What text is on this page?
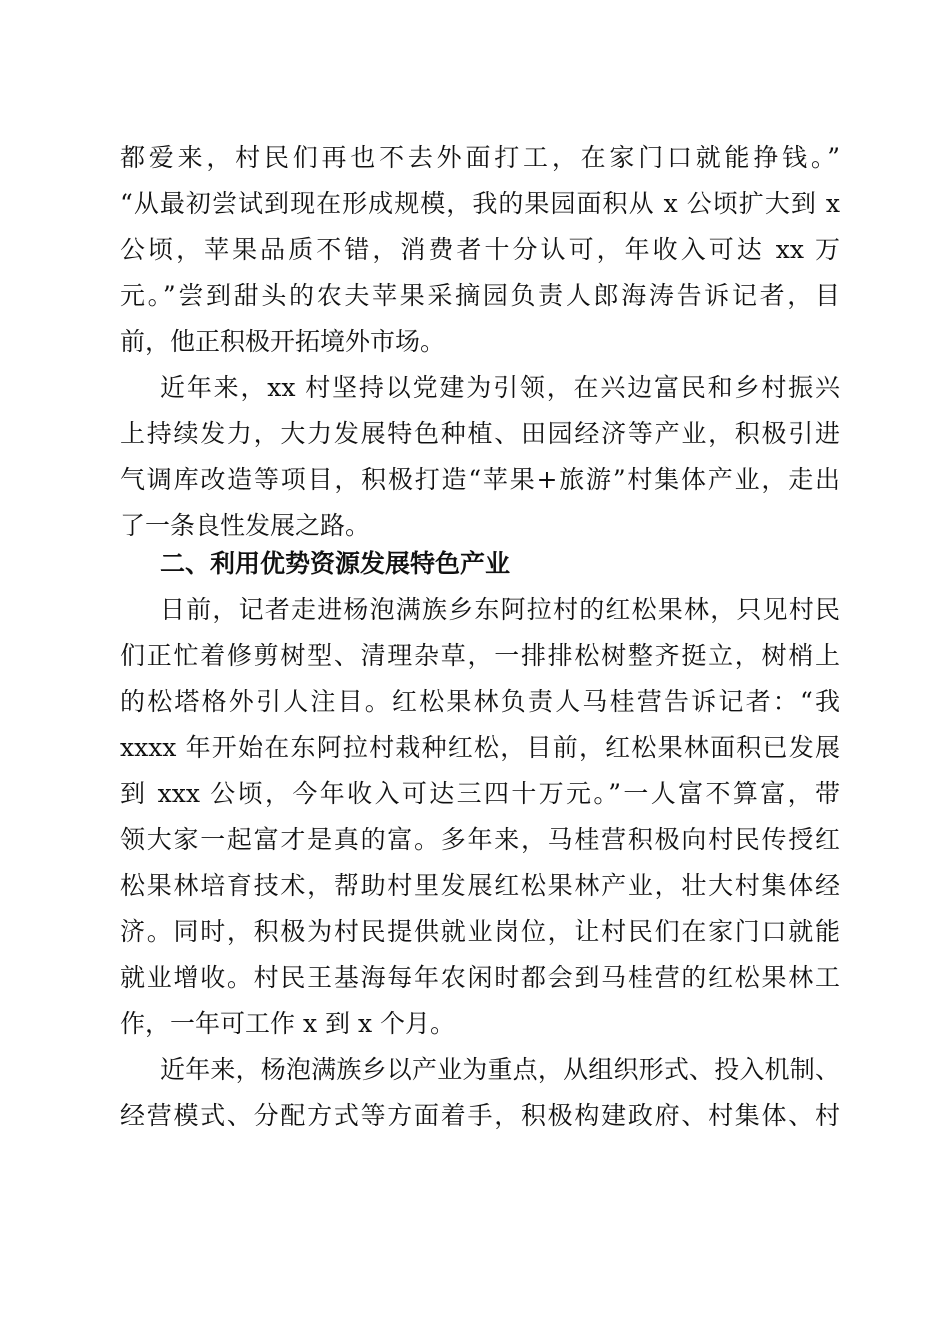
都爱来，村民们再也不去外面打工，在家门口就能挣钱。”
“从最初尝试到现在形成规模，我的果园面积从 x 公顷扩大到 x
公顷，苹果品质不错，消费者十分认可，年收入可达 xx 万
元。”尝到甜头的农夫苹果采摘园负责人郎海涛告诉记者，目
前，他正积极开拓境外市场。
近年来，xx 村坚持以党建为引领，在兴边富民和乡村振兴
上持续发力，大力发展特色种植、田园经济等产业，积极引进
气调库改造等项目，积极打造“苹果+旅游”村集体产业，走出
了一条良性发展之路。
二、利用优势资源发展特色产业
日前，记者走进杨泡满族乡东阿拉村的红松果林，只见村民
们正忙着修剪树型、清理杂草，一排排松树整齐挺立，树梢上
的松塔格外引人注目。红松果林负责人马桂营告诉记者：“我
xxxx 年开始在东阿拉村栽种红松，目前，红松果林面积已发展
到 xxx 公顷，今年收入可达三四十万元。”一人富不算富，带
领大家一起富才是真的富。多年来，马桂营积极向村民传授红
松果林培育技术，帮助村里发展红松果林产业，壮大村集体经
济。同时，积极为村民提供就业岗位，让村民们在家门口就能
就业增收。村民王基海每年农闲时都会到马桂营的红松果林工
作，一年可工作 x 到 x 个月。
近年来，杨泡满族乡以产业为重点，从组织形式、投入机制、
经营模式、分配方式等方面着手，积极构建政府、村集体、村
